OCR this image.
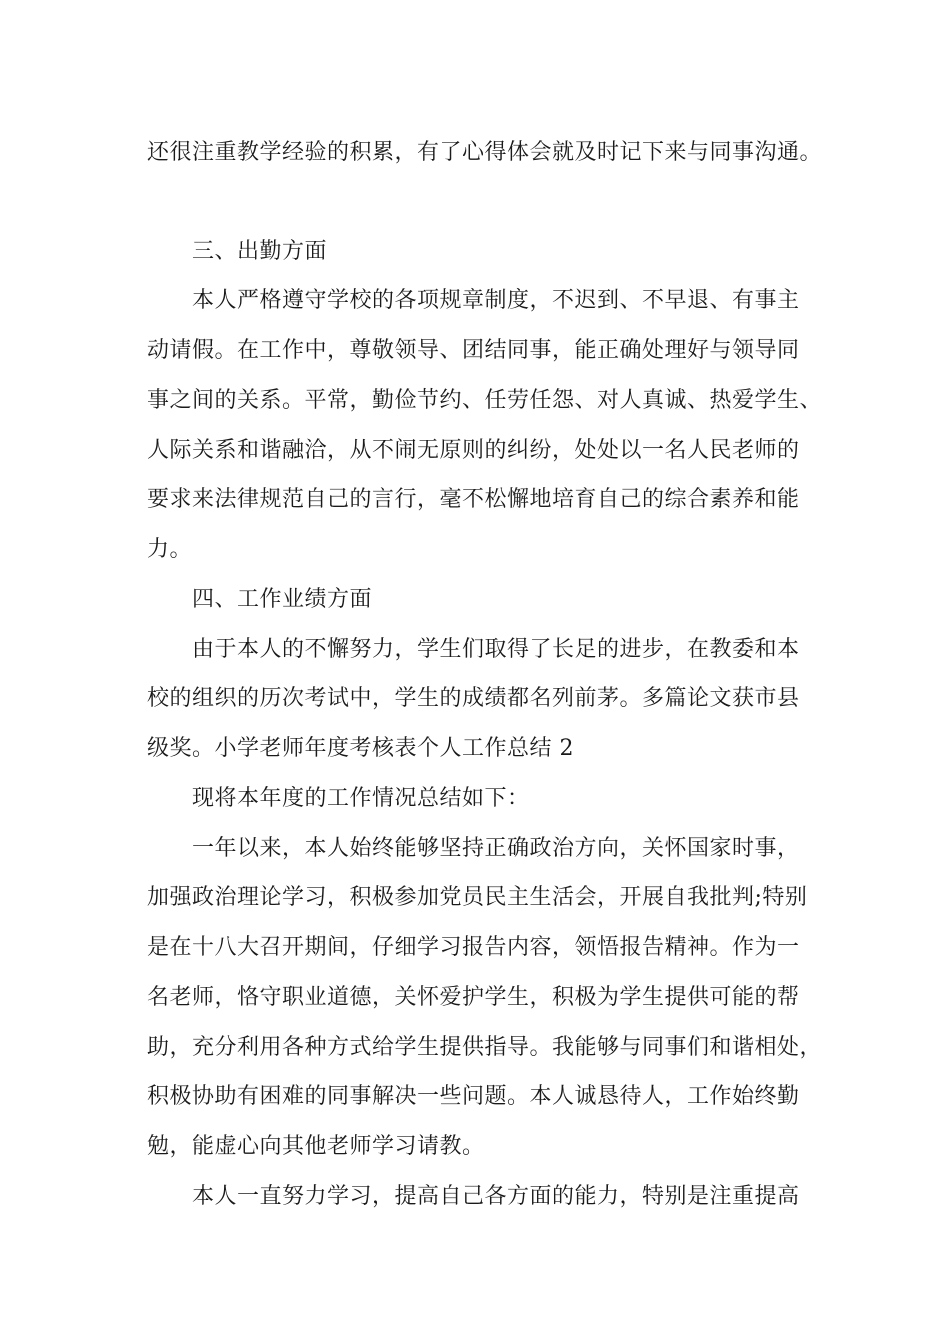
还很注重教学经验的积累，有了心得体会就及时记下来与同事沟通。
三、出勤方面
本人严格遵守学校的各项规章制度，不迟到、不早退、有事主
动请假。在工作中，尊敬领导、团结同事，能正确处理好与领导同
事之间的关系。平常，勤俭节约、任劳任怨、对人真诚、热爱学生、
人际关系和谐融洽，从不闹无原则的纠纷，处处以一名人民老师的
要求来法律规范自己的言行，毫不松懈地培育自己的综合素养和能
力。
四、工作业绩方面
由于本人的不懈努力，学生们取得了长足的进步，在教委和本
校的组织的历次考试中，学生的成绩都名列前茅。多篇论文获市县
级奖。小学老师年度考核表个人工作总结 2
现将本年度的工作情况总结如下：
一年以来，本人始终能够坚持正确政治方向，关怀国家时事，
加强政治理论学习，积极参加党员民主生活会，开展自我批判;特别
是在十八大召开期间，仔细学习报告内容，领悟报告精神。作为一
名老师，恪守职业道德，关怀爱护学生，积极为学生提供可能的帮
助，充分利用各种方式给学生提供指导。我能够与同事们和谐相处，
积极协助有困难的同事解决一些问题。本人诚恳待人，工作始终勤
勉，能虚心向其他老师学习请教。
本人一直努力学习，提高自己各方面的能力，特别是注重提高
